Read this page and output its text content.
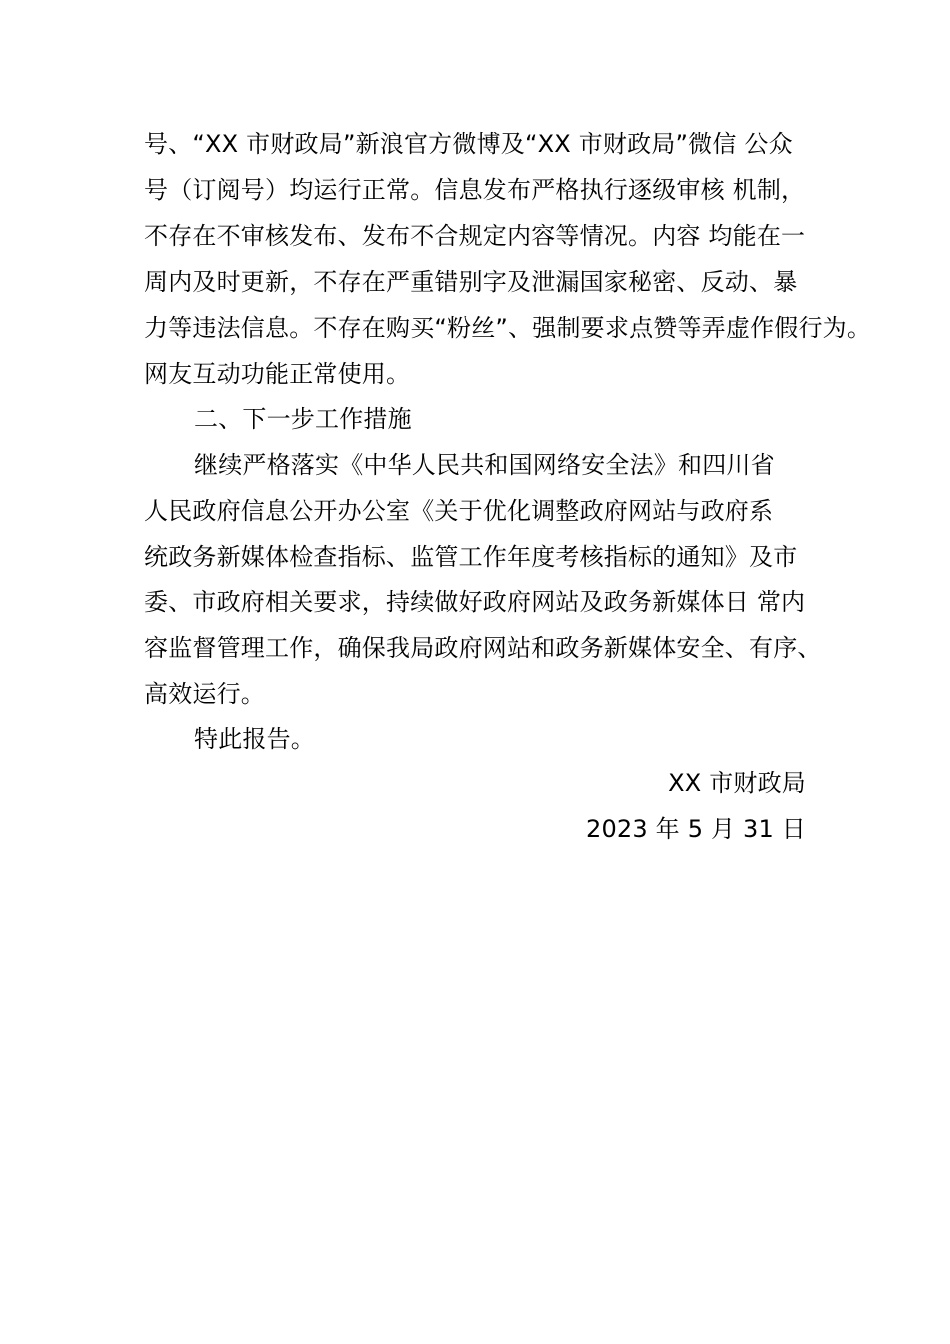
号、“XX 市财政局”新浪官方微博及“XX 市财政局”微信 公众
号（订阅号）均运行正常。信息发布严格执行逐级审核 机制，
不存在不审核发布、发布不合规定内容等情况。内容 均能在一
周内及时更新，不存在严重错别字及泄漏国家秘密、反动、暴
力等违法信息。不存在购买“粉丝”、强制要求点赞等弄虚作假行为。
网友互动功能正常使用。
二、下一步工作措施
继续严格落实《中华人民共和国网络安全法》和四川省
人民政府信息公开办公室《关于优化调整政府网站与政府系
统政务新媒体检查指标、监管工作年度考核指标的通知》及市
委、市政府相关要求，持续做好政府网站及政务新媒体日 常内
容监督管理工作，确保我局政府网站和政务新媒体安全、有序、
高效运行。
特此报告。
XX 市财政局
2023 年 5 月 31 日
